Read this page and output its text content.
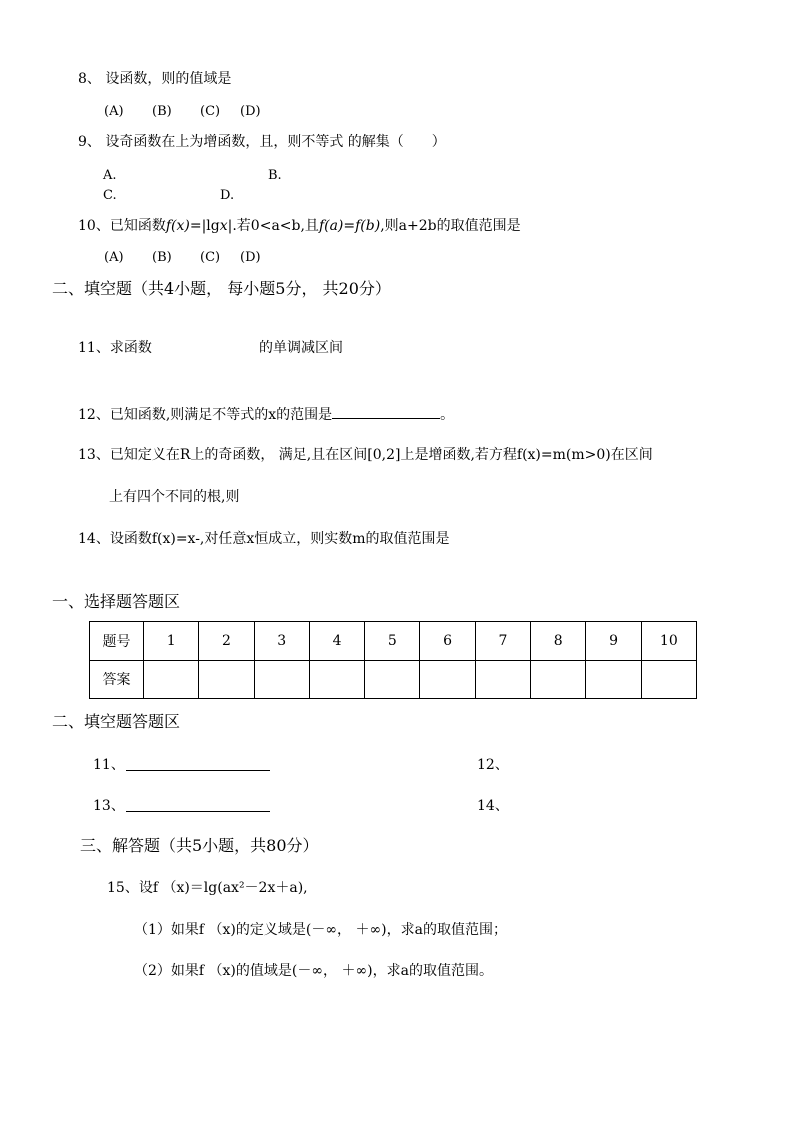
8、 设函数，则的值域是
(A) (B) (C) (D)
9、 设奇函数在上为增函数，且，则不等式 的解集（　　）
A.	B.
C.	D.
10、已知函数f(x)=|lgx|.若0<a<b,且f(a)=f(b),则a+2b的取值范围是
(A) (B) (C) (D)
二、填空题（共4小题， 每小题5分， 共20分）
11、求函数	的单调减区间
12、已知函数,则满足不等式的x的范围是	。
13、已知定义在R上的奇函数， 满足,且在区间[0,2]上是增函数,若方程f(x)=m(m>0)在区间
上有四个不同的根,则
14、设函数f(x)=x-,对任意x恒成立，则实数m的取值范围是
一、选择题答题区
题号	1	2	3	4	5	6	7	8	9	10
答案										
二、填空题答题区
11、	12、
13、	14、
三、解答题（共5小题，共80分）
15、设f （x)＝lg(ax²－2x＋a),
（1）如果f （x)的定义域是(－∞， ＋∞)，求a的取值范围；
（2）如果f （x)的值域是(－∞， ＋∞)，求a的取值范围。
